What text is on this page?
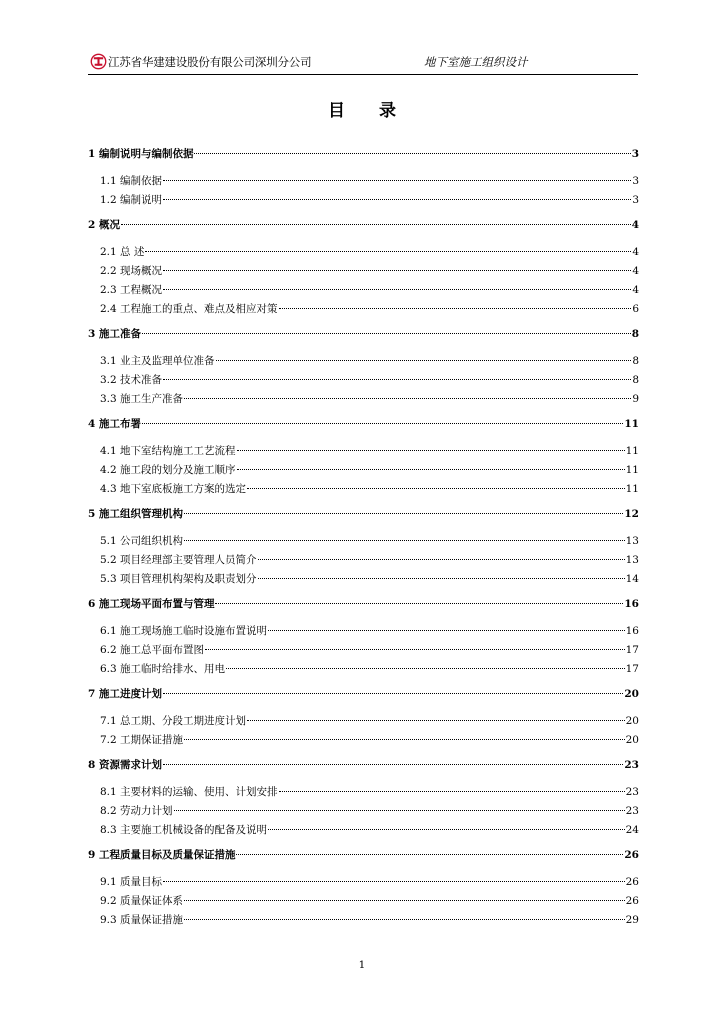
江苏省华建建设股份有限公司深圳分公司	地下室施工组织设计
目 录
1 编制说明与编制依据	3
1.1 编制依据	3
1.2 编制说明	3
2 概况	4
2.1 总 述	4
2.2 现场概况	4
2.3 工程概况	4
2.4 工程施工的重点、难点及相应对策	6
3 施工准备	8
3.1 业主及监理单位准备	8
3.2 技术准备	8
3.3 施工生产准备	9
4 施工布署	11
4.1 地下室结构施工工艺流程	11
4.2 施工段的划分及施工顺序	11
4.3 地下室底板施工方案的选定	11
5 施工组织管理机构	12
5.1 公司组织机构	13
5.2 项目经理部主要管理人员简介	13
5.3 项目管理机构架构及职责划分	14
6 施工现场平面布置与管理	16
6.1 施工现场施工临时设施布置说明	16
6.2 施工总平面布置图	17
6.3 施工临时给排水、用电	17
7 施工进度计划	20
7.1 总工期、分段工期进度计划	20
7.2 工期保证措施	20
8 资源需求计划	23
8.1 主要材料的运输、使用、计划安排	23
8.2 劳动力计划	23
8.3 主要施工机械设备的配备及说明	24
9 工程质量目标及质量保证措施	26
9.1 质量目标	26
9.2 质量保证体系	26
9.3 质量保证措施	29
1
